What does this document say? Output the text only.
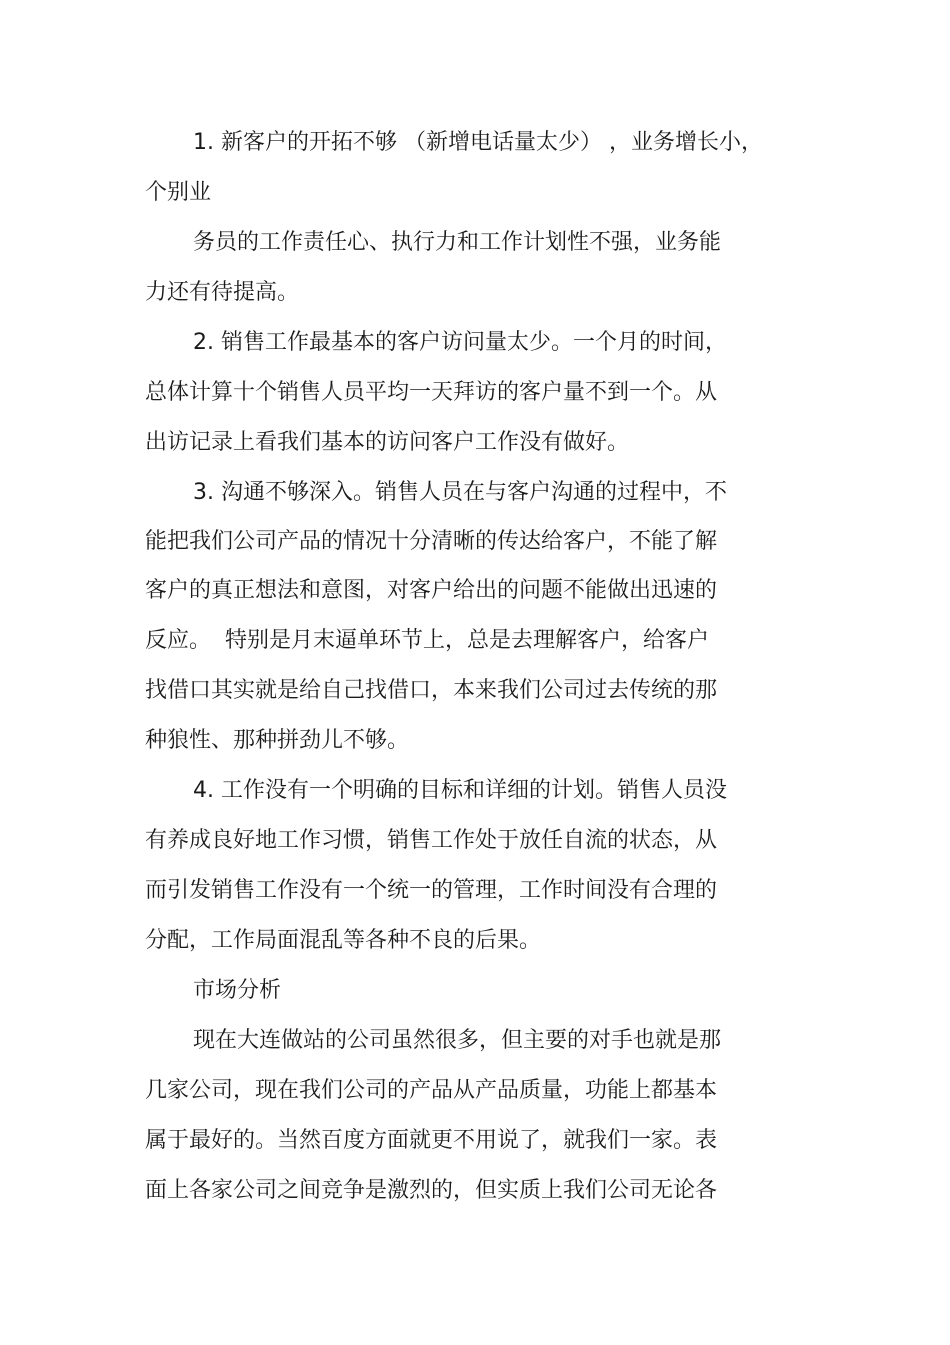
1. 新客户的开拓不够 （新增电话量太少） ，业务增长小，
个别业
务员的工作责任心、执行力和工作计划性不强，业务能
力还有待提高。
2. 销售工作最基本的客户访问量太少。一个月的时间，
总体计算十个销售人员平均一天拜访的客户量不到一个。从
出访记录上看我们基本的访问客户工作没有做好。
3. 沟通不够深入。销售人员在与客户沟通的过程中，不
能把我们公司产品的情况十分清晰的传达给客户，不能了解
客户的真正想法和意图，对客户给出的问题不能做出迅速的
反应。  特别是月末逼单环节上，总是去理解客户，给客户
找借口其实就是给自己找借口，本来我们公司过去传统的那
种狼性、那种拼劲儿不够。
4. 工作没有一个明确的目标和详细的计划。销售人员没
有养成良好地工作习惯，销售工作处于放任自流的状态，从
而引发销售工作没有一个统一的管理，工作时间没有合理的
分配，工作局面混乱等各种不良的后果。
市场分析
现在大连做站的公司虽然很多，但主要的对手也就是那
几家公司，现在我们公司的产品从产品质量，功能上都基本
属于最好的。当然百度方面就更不用说了，就我们一家。表
面上各家公司之间竞争是激烈的，但实质上我们公司无论各
